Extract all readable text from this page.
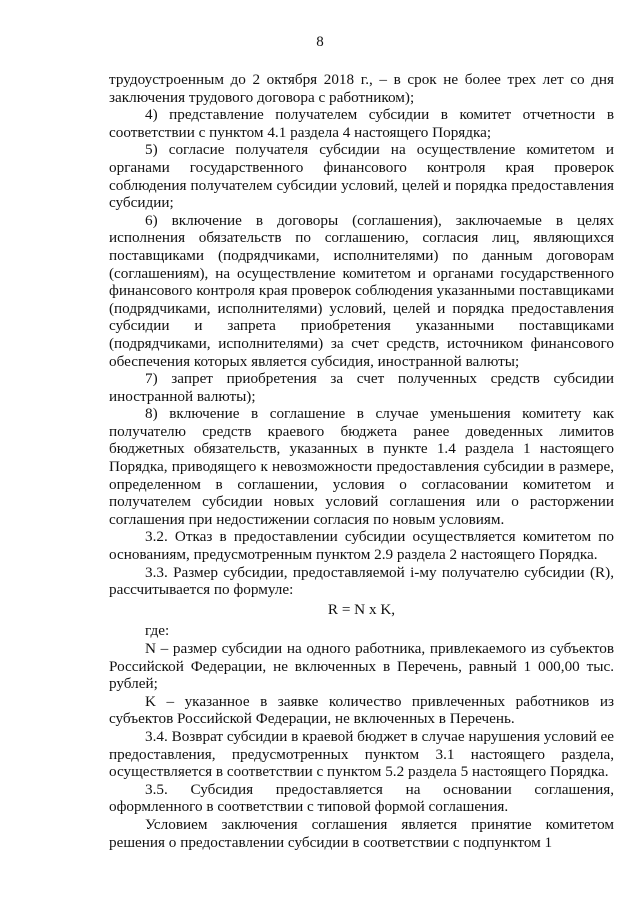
8

трудоустроенным до 2 октября 2018 г., – в срок не более трех лет со дня заключения трудового договора с работником);

4) представление получателем субсидии в комитет отчетности в соответствии с пунктом 4.1 раздела 4 настоящего Порядка;

5) согласие получателя субсидии на осуществление комитетом и органами государственного финансового контроля края проверок соблюдения получателем субсидии условий, целей и порядка предоставления субсидии;

6) включение в договоры (соглашения), заключаемые в целях исполнения обязательств по соглашению, согласия лиц, являющихся поставщиками (подрядчиками, исполнителями) по данным договорам (соглашениям), на осуществление комитетом и органами государственного финансового контроля края проверок соблюдения указанными поставщиками (подрядчиками, исполнителями) условий, целей и порядка предоставления субсидии и запрета приобретения указанными поставщиками (подрядчиками, исполнителями) за счет средств, источником финансового обеспечения которых является субсидия, иностранной валюты;

7) запрет приобретения за счет полученных средств субсидии иностранной валюты);

8) включение в соглашение в случае уменьшения комитету как получателю средств краевого бюджета ранее доведенных лимитов бюджетных обязательств, указанных в пункте 1.4 раздела 1 настоящего Порядка, приводящего к невозможности предоставления субсидии в размере, определенном в соглашении, условия о согласовании комитетом и получателем субсидии новых условий соглашения или о расторжении соглашения при недостижении согласия по новым условиям.

3.2. Отказ в предоставлении субсидии осуществляется комитетом по основаниям, предусмотренным пунктом 2.9 раздела 2 настоящего Порядка.

3.3. Размер субсидии, предоставляемой i-му получателю субсидии (R), рассчитывается по формуле:

R = N x K,

где:

N – размер субсидии на одного работника, привлекаемого из субъектов Российской Федерации, не включенных в Перечень, равный 1 000,00 тыс. рублей;

K – указанное в заявке количество привлеченных работников из субъектов Российской Федерации, не включенных в Перечень.

3.4. Возврат субсидии в краевой бюджет в случае нарушения условий ее предоставления, предусмотренных пунктом 3.1 настоящего раздела, осуществляется в соответствии с пунктом 5.2 раздела 5 настоящего Порядка.

3.5. Субсидия предоставляется на основании соглашения, оформленного в соответствии с типовой формой соглашения.

Условием заключения соглашения является принятие комитетом решения о предоставлении субсидии в соответствии с подпунктом 1
